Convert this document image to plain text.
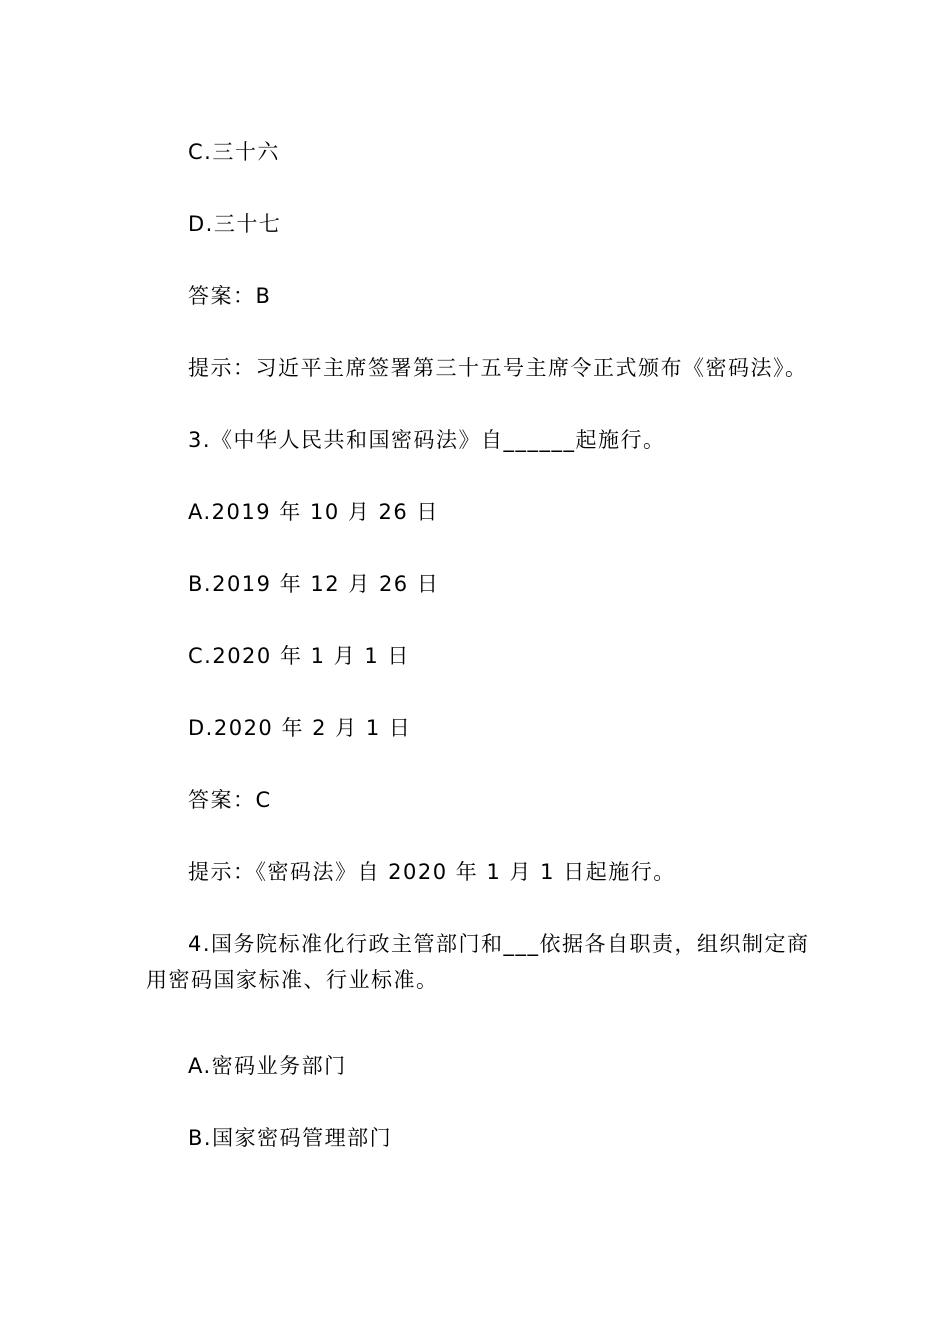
C.三十六
D.三十七
答案：B
提示：习近平主席签署第三十五号主席令正式颁布《密码法》。
3.《中华人民共和国密码法》自______起施行。
A.2019 年 10 月 26 日
B.2019 年 12 月 26 日
C.2020 年 1 月 1 日
D.2020 年 2 月 1 日
答案：C
提示：《密码法》自 2020 年 1 月 1 日起施行。
4.国务院标准化行政主管部门和___依据各自职责，组织制定商用密码国家标准、行业标准。
A.密码业务部门
B.国家密码管理部门
